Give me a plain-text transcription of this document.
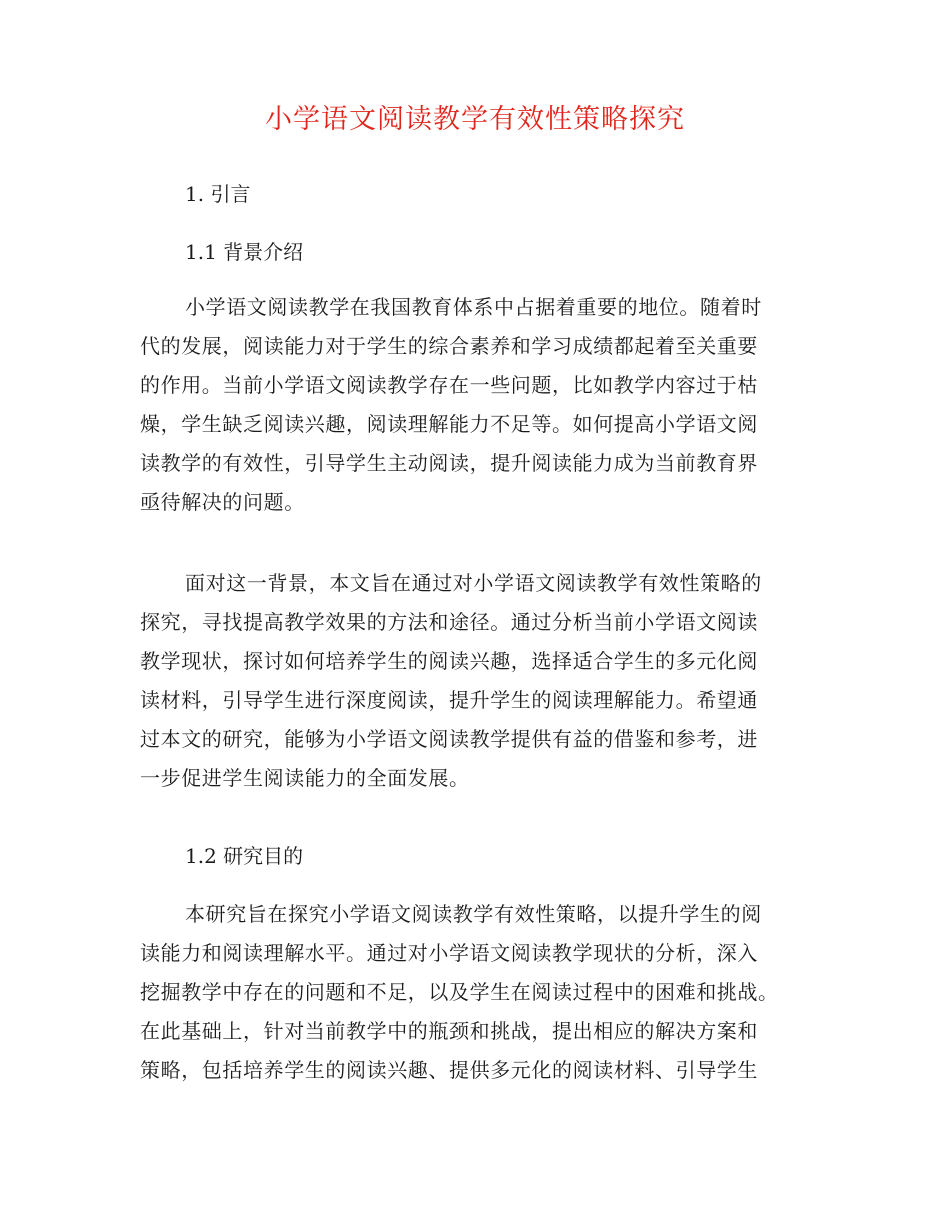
小学语文阅读教学有效性策略探究
1. 引言
1.1 背景介绍
小学语文阅读教学在我国教育体系中占据着重要的地位。随着时
代的发展，阅读能力对于学生的综合素养和学习成绩都起着至关重要
的作用。当前小学语文阅读教学存在一些问题，比如教学内容过于枯
燥，学生缺乏阅读兴趣，阅读理解能力不足等。如何提高小学语文阅
读教学的有效性，引导学生主动阅读，提升阅读能力成为当前教育界
亟待解决的问题。
面对这一背景，本文旨在通过对小学语文阅读教学有效性策略的
探究，寻找提高教学效果的方法和途径。通过分析当前小学语文阅读
教学现状，探讨如何培养学生的阅读兴趣，选择适合学生的多元化阅
读材料，引导学生进行深度阅读，提升学生的阅读理解能力。希望通
过本文的研究，能够为小学语文阅读教学提供有益的借鉴和参考，进
一步促进学生阅读能力的全面发展。
1.2 研究目的
本研究旨在探究小学语文阅读教学有效性策略，以提升学生的阅
读能力和阅读理解水平。通过对小学语文阅读教学现状的分析，深入
挖掘教学中存在的问题和不足，以及学生在阅读过程中的困难和挑战。
在此基础上，针对当前教学中的瓶颈和挑战，提出相应的解决方案和
策略，包括培养学生的阅读兴趣、提供多元化的阅读材料、引导学生
